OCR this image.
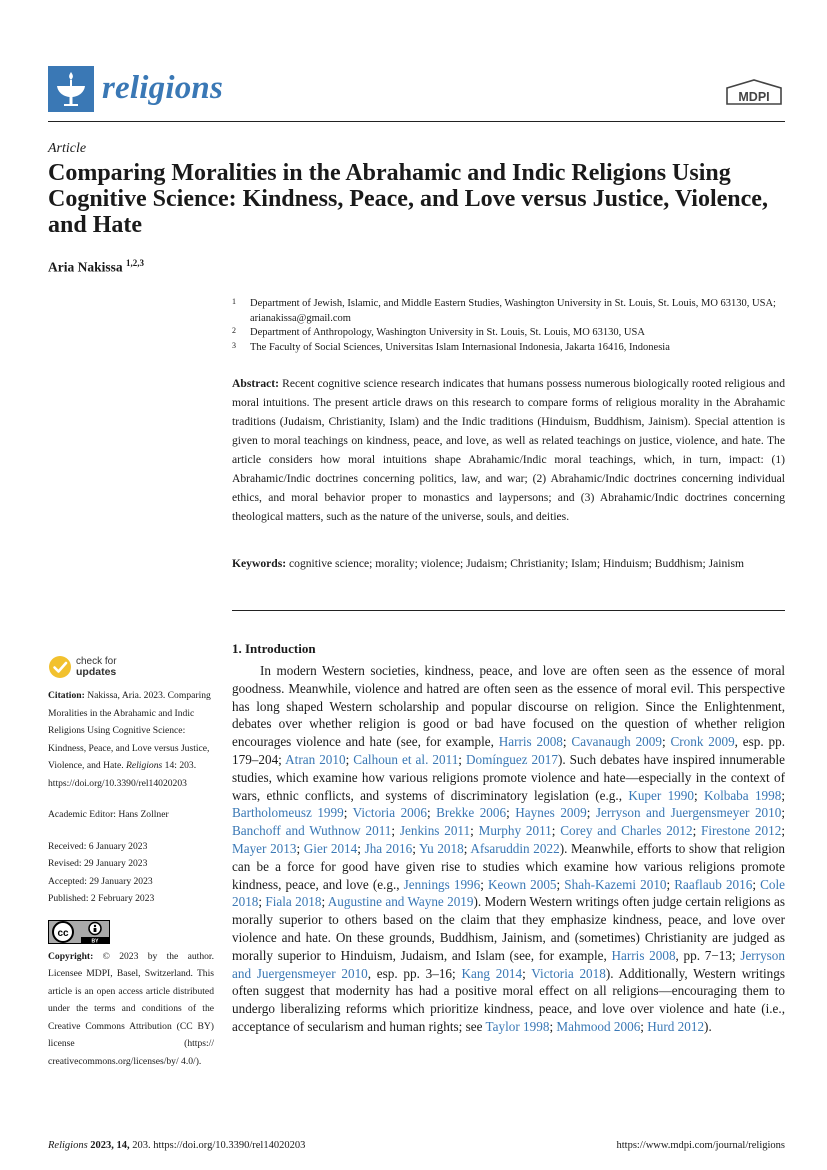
religions	MDPI
Article
Comparing Moralities in the Abrahamic and Indic Religions Using Cognitive Science: Kindness, Peace, and Love versus Justice, Violence, and Hate
Aria Nakissa $^{1,2,3}$
1 Department of Jewish, Islamic, and Middle Eastern Studies, Washington University in St. Louis, St. Louis, MO 63130, USA; arianakissa@gmail.com
2 Department of Anthropology, Washington University in St. Louis, St. Louis, MO 63130, USA
3 The Faculty of Social Sciences, Universitas Islam Internasional Indonesia, Jakarta 16416, Indonesia

Abstract: Recent cognitive science research indicates that humans possess numerous biologically rooted religious and moral intuitions. The present article draws on this research to compare forms of religious morality in the Abrahamic traditions (Judaism, Christianity, Islam) and the Indic traditions (Hinduism, Buddhism, Jainism). Special attention is given to moral teachings on kindness, peace, and love, as well as related teachings on justice, violence, and hate. The article considers how moral intuitions shape Abrahamic/Indic moral teachings, which, in turn, impact: (1) Abrahamic/Indic doctrines concerning politics, law, and war; (2) Abrahamic/Indic doctrines concerning individual ethics, and moral behavior proper to monastics and laypersons; and (3) Abrahamic/Indic doctrines concerning theological matters, such as the nature of the universe, souls, and deities.

Keywords: cognitive science; morality; violence; Judaism; Christianity; Islam; Hinduism; Buddhism; Jainism

check for
updates
Citation: Nakissa, Aria. 2023. Comparing Moralities in the Abrahamic and Indic Religions Using Cognitive Science: Kindness, Peace, and Love versus Justice, Violence, and Hate. Religions 14: 203. https://doi.org/10.3390/rel14020203
Academic Editor: Hans Zollner
Received: 6 January 2023
Revised: 29 January 2023
Accepted: 29 January 2023
Published: 2 February 2023
cc
BY
Copyright: © 2023 by the author. Licensee MDPI, Basel, Switzerland. This article is an open access article distributed under the terms and conditions of the Creative Commons Attribution (CC BY) license (https:// creativecommons.org/licenses/by/ 4.0/).
1. Introduction

In modern Western societies, kindness, peace, and love are often seen as the essence of moral goodness. Meanwhile, violence and hatred are often seen as the essence of moral evil. This perspective has long shaped Western scholarship and popular discourse on religion. Since the Enlightenment, debates over whether religion is good or bad have focused on the question of whether religion encourages violence and hate (see, for example, Harris 2008; Cavanaugh 2009; Cronk 2009, esp. pp. 179–204; Atran 2010; Calhoun et al. 2011; Domínguez 2017). Such debates have inspired innumerable studies, which examine how various religions promote violence and hate—especially in the context of wars, ethnic conflicts, and systems of discriminatory legislation (e.g., Kuper 1990; Kolbaba 1998; Bartholomeusz 1999; Victoria 2006; Brekke 2006; Haynes 2009; Jerryson and Juergensmeyer 2010; Banchoff and Wuthnow 2011; Jenkins 2011; Murphy 2011; Corey and Charles 2012; Firestone 2012; Mayer 2013; Gier 2014; Jha 2016; Yu 2018; Afsaruddin 2022). Meanwhile, efforts to show that religion can be a force for good have given rise to studies which examine how various religions promote kindness, peace, and love (e.g., Jennings 1996; Keown 2005; Shah-Kazemi 2010; Raaflaub 2016; Cole 2018; Fiala 2018; Augustine and Wayne 2019). Modern Western writings often judge certain religions as morally superior to others based on the claim that they emphasize kindness, peace, and love over violence and hate. On these grounds, Buddhism, Jainism, and (sometimes) Christianity are judged as morally superior to Hinduism, Judaism, and Islam (see, for example, Harris 2008, pp. 7−13; Jerryson and Juergensmeyer 2010, esp. pp. 3–16; Kang 2014; Victoria 2018). Additionally, Western writings often suggest that modernity has had a positive moral effect on all religions—encouraging them to undergo liberalizing reforms which prioritize kindness, peace, and love over violence and hate (i.e., acceptance of secularism and human rights; see Taylor 1998; Mahmood 2006; Hurd 2012).

Religions 2023, 14, 203. https://doi.org/10.3390/rel14020203	https://www.mdpi.com/journal/religions
